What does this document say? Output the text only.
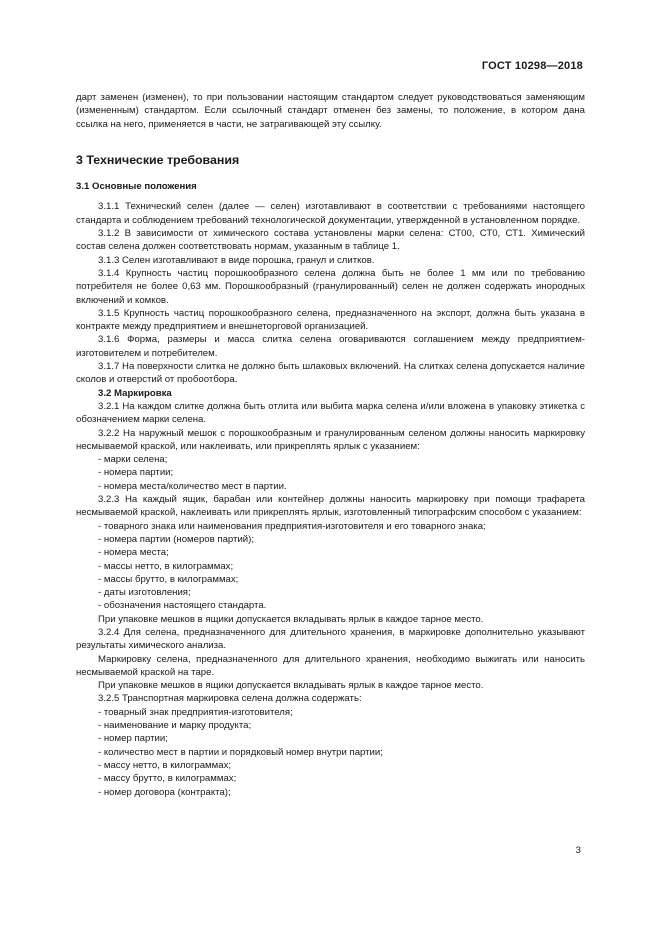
ГОСТ 10298—2018

дарт заменен (изменен), то при пользовании настоящим стандартом следует руководствоваться заменяющим (измененным) стандартом. Если ссылочный стандарт отменен без замены, то положение, в котором дана ссылка на него, применяется в части, не затрагивающей эту ссылку.

3 Технические требования
3.1 Основные положения

3.1.1 Технический селен (далее — селен) изготавливают в соответствии с требованиями настоящего стандарта и соблюдением требований технологической документации, утвержденной в установленном порядке.

3.1.2 В зависимости от химического состава установлены марки селена: СТ00, СТ0, СТ1. Химический состав селена должен соответствовать нормам, указанным в таблице 1.

3.1.3 Селен изготавливают в виде порошка, гранул и слитков.

3.1.4 Крупность частиц порошкообразного селена должна быть не более 1 мм или по требованию потребителя не более 0,63 мм. Порошкообразный (гранулированный) селен не должен содержать инородных включений и комков.

3.1.5 Крупность частиц порошкообразного селена, предназначенного на экспорт, должна быть указана в контракте между предприятием и внешнеторговой организацией.

3.1.6 Форма, размеры и масса слитка селена оговариваются соглашением между предприятием-изготовителем и потребителем.

3.1.7 На поверхности слитка не должно быть шлаковых включений. На слитках селена допускается наличие сколов и отверстий от пробоотбора.

3.2 Маркировка

3.2.1 На каждом слитке должна быть отлита или выбита марка селена и/или вложена в упаковку этикетка с обозначением марки селена.

3.2.2 На наружный мешок с порошкообразным и гранулированным селеном должны наносить маркировку несмываемой краской, или наклеивать, или прикреплять ярлык с указанием:

- марки селена;

- номера партии;

- номера места/количество мест в партии.

3.2.3 На каждый ящик, барабан или контейнер должны наносить маркировку при помощи трафарета несмываемой краской, наклеивать или прикреплять ярлык, изготовленный типографским способом с указанием:

- товарного знака или наименования предприятия-изготовителя и его товарного знака;

- номера партии (номеров партий);

- номера места;

- массы нетто, в килограммах;

- массы брутто, в килограммах;

- даты изготовления;

- обозначения настоящего стандарта.

При упаковке мешков в ящики допускается вкладывать ярлык в каждое тарное место.

3.2.4 Для селена, предназначенного для длительного хранения, в маркировке дополнительно указывают результаты химического анализа.

Маркировку селена, предназначенного для длительного хранения, необходимо выжигать или наносить несмываемой краской на таре.

При упаковке мешков в ящики допускается вкладывать ярлык в каждое тарное место.

3.2.5 Транспортная маркировка селена должна содержать:

- товарный знак предприятия-изготовителя;

- наименование и марку продукта;

- номер партии;

- количество мест в партии и порядковый номер внутри партии;

- массу нетто, в килограммах;

- массу брутто, в килограммах;

- номер договора (контракта);

3
